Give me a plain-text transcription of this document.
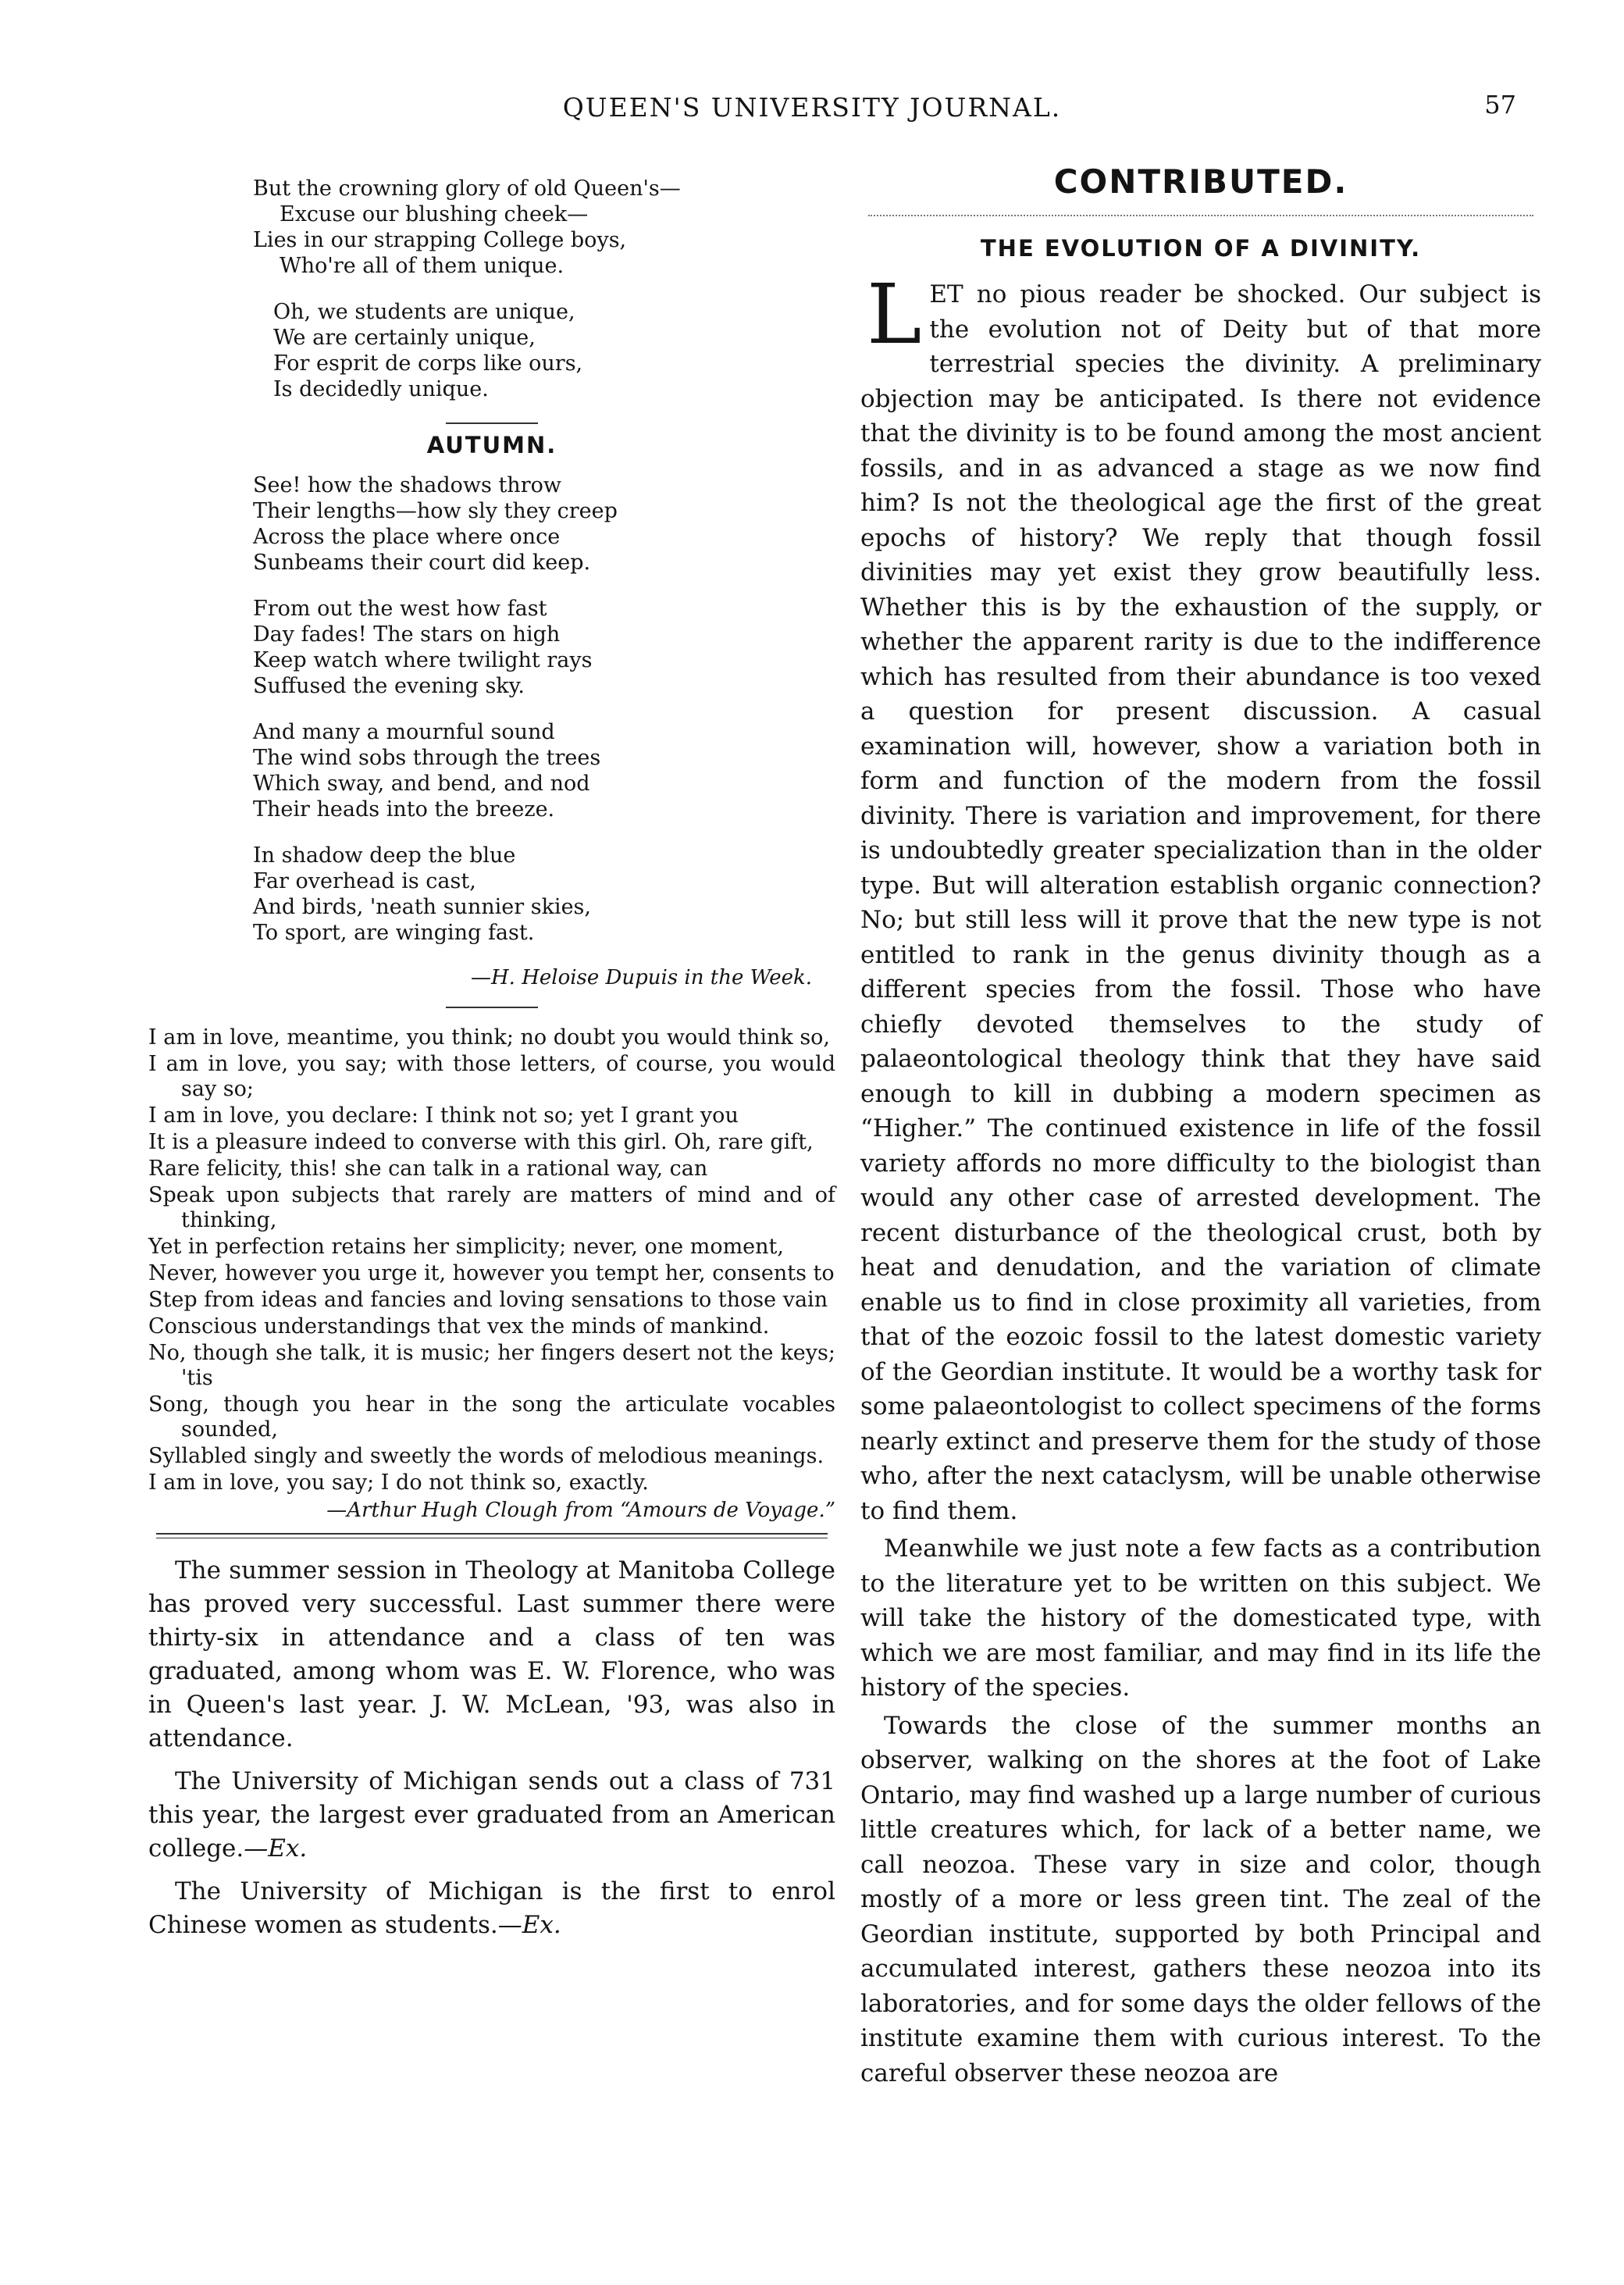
QUEEN'S UNIVERSITY JOURNAL.	57
But the crowning glory of old Queen's—
Excuse our blushing cheek—
Lies in our strapping College boys,
Who're all of them unique.
Oh, we students are unique,
We are certainly unique,
For esprit de corps like ours,
Is decidedly unique.
AUTUMN.
See! how the shadows throw
Their lengths—how sly they creep
Across the place where once
Sunbeams their court did keep.
From out the west how fast
Day fades! The stars on high
Keep watch where twilight rays
Suffused the evening sky.
And many a mournful sound
The wind sobs through the trees
Which sway, and bend, and nod
Their heads into the breeze.
In shadow deep the blue
Far overhead is cast,
And birds, 'neath sunnier skies,
To sport, are winging fast.
—H. Heloise Dupuis in the Week.
I am in love, meantime, you think; no doubt you would think so,
I am in love, you say; with those letters, of course, you would say so;
I am in love, you declare: I think not so; yet I grant you
It is a pleasure indeed to converse with this girl. Oh, rare gift,
Rare felicity, this! she can talk in a rational way, can
Speak upon subjects that rarely are matters of mind and of thinking,
Yet in perfection retains her simplicity; never, one moment,
Never, however you urge it, however you tempt her, consents to
Step from ideas and fancies and loving sensations to those vain
Conscious understandings that vex the minds of mankind.
No, though she talk, it is music; her fingers desert not the keys; 'tis
Song, though you hear in the song the articulate vocables sounded,
Syllabled singly and sweetly the words of melodious meanings.
I am in love, you say; I do not think so, exactly.
—Arthur Hugh Clough from “Amours de Voyage.”

The summer session in Theology at Manitoba College has proved very successful. Last summer there were thirty-six in attendance and a class of ten was graduated, among whom was E. W. Florence, who was in Queen's last year. J. W. McLean, '93, was also in attendance.

The University of Michigan sends out a class of 731 this year, the largest ever graduated from an American college.—Ex.

The University of Michigan is the first to enrol Chinese women as students.—Ex.

CONTRIBUTED.
THE EVOLUTION OF A DIVINITY.

LET no pious reader be shocked. Our subject is the evolution not of Deity but of that more terrestrial species the divinity. A preliminary objection may be anticipated. Is there not evidence that the divinity is to be found among the most ancient fossils, and in as advanced a stage as we now find him? Is not the theological age the first of the great epochs of history? We reply that though fossil divinities may yet exist they grow beautifully less. Whether this is by the exhaustion of the supply, or whether the apparent rarity is due to the indifference which has resulted from their abundance is too vexed a question for present discussion. A casual examination will, however, show a variation both in form and function of the modern from the fossil divinity. There is variation and improvement, for there is undoubtedly greater specialization than in the older type. But will alteration establish organic connection? No; but still less will it prove that the new type is not entitled to rank in the genus divinity though as a different species from the fossil. Those who have chiefly devoted themselves to the study of palaeontological theology think that they have said enough to kill in dubbing a modern specimen as “Higher.” The continued existence in life of the fossil variety affords no more difficulty to the biologist than would any other case of arrested development. The recent disturbance of the theological crust, both by heat and denudation, and the variation of climate enable us to find in close proximity all varieties, from that of the eozoic fossil to the latest domestic variety of the Geordian institute. It would be a worthy task for some palaeontologist to collect specimens of the forms nearly extinct and preserve them for the study of those who, after the next cataclysm, will be unable otherwise to find them.

Meanwhile we just note a few facts as a contribution to the literature yet to be written on this subject. We will take the history of the domesticated type, with which we are most familiar, and may find in its life the history of the species.

Towards the close of the summer months an observer, walking on the shores at the foot of Lake Ontario, may find washed up a large number of curious little creatures which, for lack of a better name, we call neozoa. These vary in size and color, though mostly of a more or less green tint. The zeal of the Geordian institute, supported by both Principal and accumulated interest, gathers these neozoa into its laboratories, and for some days the older fellows of the institute examine them with curious interest. To the careful observer these neozoa are
